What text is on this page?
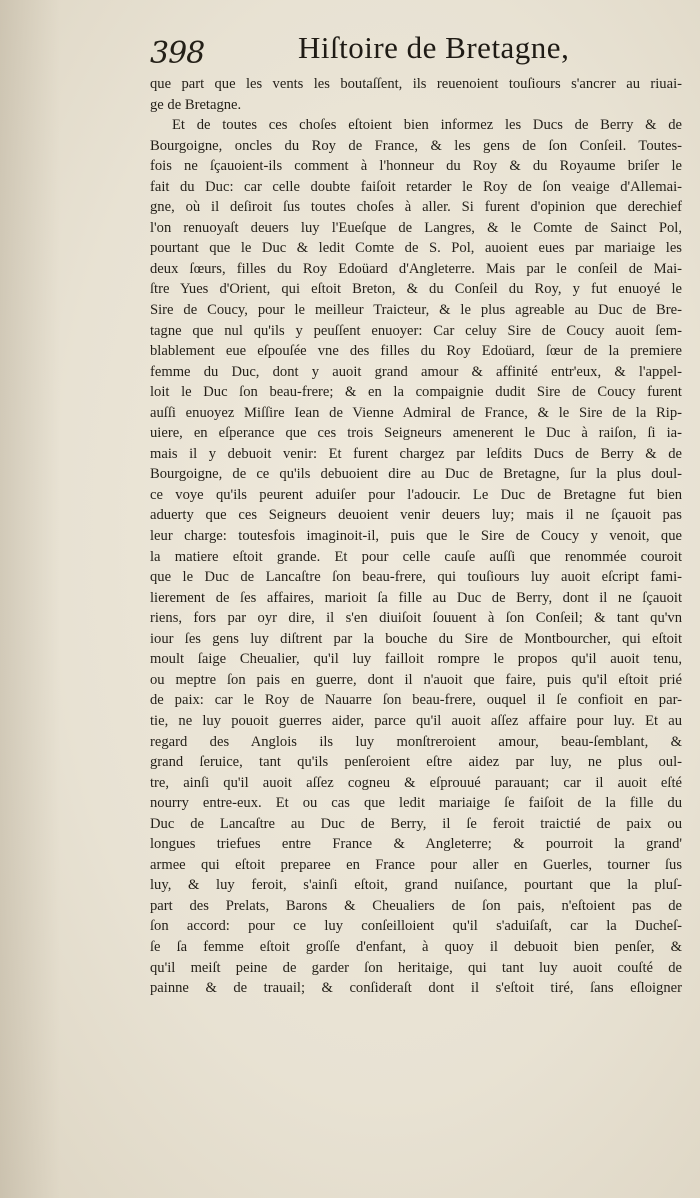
398	Hiſtoire de Bretagne,
que part que les vents les boutaſſent, ils reuenoient touſiours s'ancrer au riuai-
ge de Bretagne.
Et de toutes ces choſes eſtoient bien informez les Ducs de Berry & de
Bourgoigne, oncles du Roy de France, & les gens de ſon Conſeil. Toutes-
fois ne ſçauoient-ils comment à l'honneur du Roy & du Royaume briſer le
fait du Duc: car celle doubte faiſoit retarder le Roy de ſon veaige d'Allemai-
gne, où il deſiroit ſus toutes choſes à aller. Si furent d'opinion que derechief
l'on renuoyaſt deuers luy l'Eueſque de Langres, & le Comte de Sainct Pol,
pourtant que le Duc & ledit Comte de S. Pol, auoient eues par mariaige les
deux ſœurs, filles du Roy Edoüard d'Angleterre. Mais par le conſeil de Mai-
ſtre Yues d'Orient, qui eſtoit Breton, & du Conſeil du Roy, y fut enuoyé le
Sire de Coucy, pour le meilleur Traicteur, & le plus agreable au Duc de Bre-
tagne que nul qu'ils y peuſſent enuoyer: Car celuy Sire de Coucy auoit ſem-
blablement eue eſpouſée vne des filles du Roy Edoüard, ſœur de la premiere
femme du Duc, dont y auoit grand amour & affinité entr'eux, & l'appel-
loit le Duc ſon beau-frere; & en la compaignie dudit Sire de Coucy furent
auſſi enuoyez Miſſire Iean de Vienne Admiral de France, & le Sire de la Rip-
uiere, en eſperance que ces trois Seigneurs amenerent le Duc à raiſon, ſi ia-
mais il y debuoit venir: Et furent chargez par leſdits Ducs de Berry & de
Bourgoigne, de ce qu'ils debuoient dire au Duc de Bretagne, ſur la plus doul-
ce voye qu'ils peurent aduiſer pour l'adoucir. Le Duc de Bretagne fut bien
aduerty que ces Seigneurs deuoient venir deuers luy; mais il ne ſçauoit pas
leur charge: toutesfois imaginoit-il, puis que le Sire de Coucy y venoit, que
la matiere eſtoit grande. Et pour celle cauſe auſſi que renommée couroit
que le Duc de Lancaſtre ſon beau-frere, qui touſiours luy auoit eſcript fami-
lierement de ſes affaires, marioit ſa fille au Duc de Berry, dont il ne ſçauoit
riens, fors par oyr dire, il s'en diuiſoit ſouuent à ſon Conſeil; & tant qu'vn
iour ſes gens luy diſtrent par la bouche du Sire de Montbourcher, qui eſtoit
moult ſaige Cheualier, qu'il luy failloit rompre le propos qu'il auoit tenu,
ou meptre ſon pais en guerre, dont il n'auoit que faire, puis qu'il eſtoit prié
de paix: car le Roy de Nauarre ſon beau-frere, ouquel il ſe confioit en par-
tie, ne luy pouoit guerres aider, parce qu'il auoit aſſez affaire pour luy. Et au
regard des Anglois ils luy monſtreroient amour, beau-ſemblant, &
grand ſeruice, tant qu'ils penſeroient eſtre aidez par luy, ne plus oul-
tre, ainſi qu'il auoit aſſez cogneu & eſprouué parauant; car il auoit eſté
nourry entre-eux. Et ou cas que ledit mariaige ſe faiſoit de la fille du
Duc de Lancaſtre au Duc de Berry, il ſe feroit traictié de paix ou
longues triefues entre France & Angleterre; & pourroit la grand'
armee qui eſtoit preparee en France pour aller en Guerles, tourner ſus
luy, & luy feroit, s'ainſi eſtoit, grand nuiſance, pourtant que la pluſ-
part des Prelats, Barons & Cheualiers de ſon pais, n'eſtoient pas de
ſon accord: pour ce luy conſeilloient qu'il s'aduiſaſt, car la Ducheſ-
ſe ſa femme eſtoit groſſe d'enfant, à quoy il debuoit bien penſer, &
qu'il meiſt peine de garder ſon heritaige, qui tant luy auoit couſté de
painne & de trauail; & conſideraſt dont il s'eſtoit tiré, ſans eſloigner
